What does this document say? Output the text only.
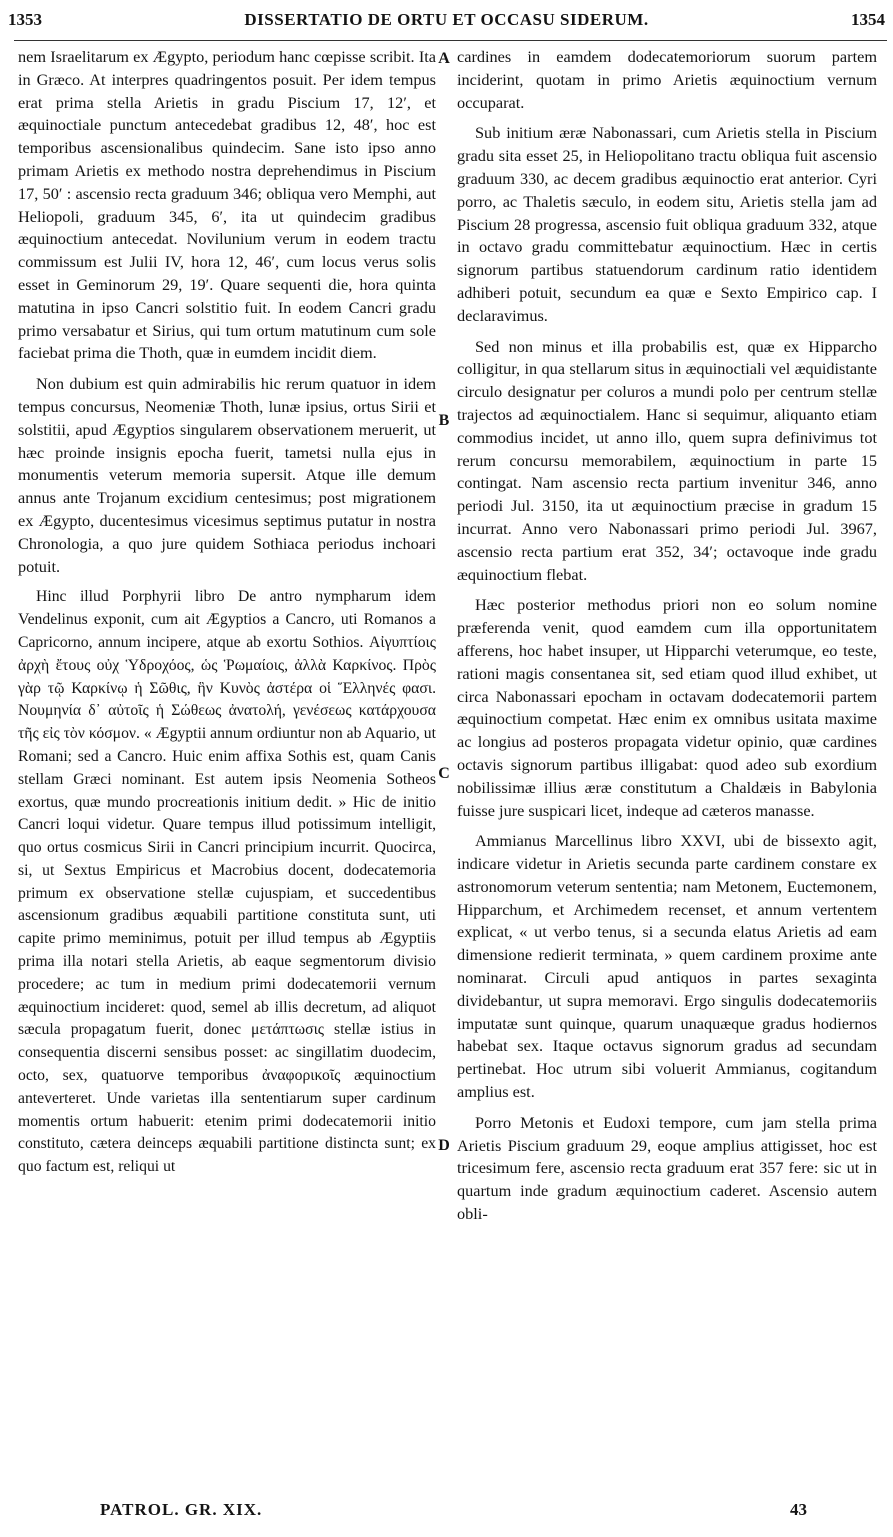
1353	DISSERTATIO DE ORTU ET OCCASU SIDERUM.	1354

nem Israelitarum ex Ægypto, periodum hanc cœpisse scribit. Ita in Græco. At interpres quadringentos posuit. Per idem tempus erat prima stella Arietis in gradu Piscium 17, 12′, et æquinoctiale punctum antecedebat gradibus 12, 48′, hoc est temporibus ascensionalibus quindecim. Sane isto ipso anno primam Arietis ex methodo nostra deprehendimus in Piscium 17, 50′ : ascensio recta graduum 346; obliqua vero Memphi, aut Heliopoli, graduum 345, 6′, ita ut quindecim gradibus æquinoctium antecedat. Novilunium verum in eodem tractu commissum est Julii IV, hora 12, 46′, cum locus verus solis esset in Geminorum 29, 19′. Quare sequenti die, hora quinta matutina in ipso Cancri solstitio fuit. In eodem Cancri gradu primo versabatur et Sirius, qui tum ortum matutinum cum sole faciebat prima die Thoth, quæ in eumdem incidit diem.

Non dubium est quin admirabilis hic rerum quatuor in idem tempus concursus, Neomeniæ Thoth, lunæ ipsius, ortus Sirii et solstitii, apud Ægyptios singularem observationem meruerit, ut hæc proinde insignis epocha fuerit, tametsi nulla ejus in monumentis veterum memoria supersit. Atque ille demum annus ante Trojanum excidium centesimus; post migrationem ex Ægypto, ducentesimus vicesimus septimus putatur in nostra Chronologia, a quo jure quidem Sothiaca periodus inchoari potuit.

Hinc illud Porphyrii libro De antro nympharum idem Vendelinus exponit, cum ait Ægyptios a Cancro, uti Romanos a Capricorno, annum incipere, atque ab exortu Sothios. Αἰγυπτίοις ἀρχὴ ἔτους οὐχ Ὑδροχόος, ὡς Ῥωμαίοις, ἀλλὰ Καρκίνος. Πρὸς γὰρ τῷ Καρκίνῳ ἡ Σῶθις, ἣν Κυνὸς ἀστέρα οἱ Ἕλληνές φασι. Νουμηνία δ᾽ αὐτοῖς ἡ Σώθεως ἀνατολή, γενέσεως κατάρχουσα τῆς εἰς τὸν κόσμον. « Ægyptii annum ordiuntur non ab Aquario, ut Romani; sed a Cancro. Huic enim affixa Sothis est, quam Canis stellam Græci nominant. Est autem ipsis Neomenia Sotheos exortus, quæ mundo procreationis initium dedit. » Hic de initio Cancri loqui videtur. Quare tempus illud potissimum intelligit, quo ortus cosmicus Sirii in Cancri principium incurrit. Quocirca, si, ut Sextus Empiricus et Macrobius docent, dodecatemoria primum ex observatione stellæ cujuspiam, et succedentibus ascensionum gradibus æquabili partitione constituta sunt, uti capite primo meminimus, potuit per illud tempus ab Ægyptiis prima illa notari stella Arietis, ab eaque segmentorum divisio procedere; ac tum in medium primi dodecatemorii vernum æquinoctium incideret: quod, semel ab illis decretum, ad aliquot sæcula propagatum fuerit, donec μετάπτωσις stellæ istius in consequentia discerni sensibus posset: ac singillatim duodecim, octo, sex, quatuorve temporibus ἀναφορικοῖς æquinoctium anteverteret. Unde varietas illa sententiarum super cardinum momentis ortum habuerit: etenim primi dodecatemorii initio constituto, cætera deinceps æquabili partitione distincta sunt; ex quo factum est, reliqui ut

A
B
C
D

cardines in eamdem dodecatemoriorum suorum partem inciderint, quotam in primo Arietis æquinoctium vernum occuparat.

Sub initium æræ Nabonassari, cum Arietis stella in Piscium gradu sita esset 25, in Heliopolitano tractu obliqua fuit ascensio graduum 330, ac decem gradibus æquinoctio erat anterior. Cyri porro, ac Thaletis sæculo, in eodem situ, Arietis stella jam ad Piscium 28 progressa, ascensio fuit obliqua graduum 332, atque in octavo gradu committebatur æquinoctium. Hæc in certis signorum partibus statuendorum cardinum ratio identidem adhiberi potuit, secundum ea quæ e Sexto Empirico cap. I declaravimus.

Sed non minus et illa probabilis est, quæ ex Hipparcho colligitur, in qua stellarum situs in æquinoctiali vel æquidistante circulo designatur per coluros a mundi polo per centrum stellæ trajectos ad æquinoctialem. Hanc si sequimur, aliquanto etiam commodius incidet, ut anno illo, quem supra definivimus tot rerum concursu memorabilem, æquinoctium in parte 15 contingat. Nam ascensio recta partium invenitur 346, anno periodi Jul. 3150, ita ut æquinoctium præcise in gradum 15 incurrat. Anno vero Nabonassari primo periodi Jul. 3967, ascensio recta partium erat 352, 34′; octavoque inde gradu æquinoctium flebat.

Hæc posterior methodus priori non eo solum nomine præferenda venit, quod eamdem cum illa opportunitatem afferens, hoc habet insuper, ut Hipparchi veterumque, eo teste, rationi magis consentanea sit, sed etiam quod illud exhibet, ut circa Nabonassari epocham in octavam dodecatemorii partem æquinoctium competat. Hæc enim ex omnibus usitata maxime ac longius ad posteros propagata videtur opinio, quæ cardines octavis signorum partibus illigabat: quod adeo sub exordium nobilissimæ illius æræ constitutum a Chaldæis in Babylonia fuisse jure suspicari licet, indeque ad cæteros manasse.

Ammianus Marcellinus libro XXVI, ubi de bissexto agit, indicare videtur in Arietis secunda parte cardinem constare ex astronomorum veterum sententia; nam Metonem, Euctemonem, Hipparchum, et Archimedem recenset, et annum vertentem explicat, « ut verbo tenus, si a secunda elatus Arietis ad eam dimensione redierit terminata, » quem cardinem proxime ante nominarat. Circuli apud antiquos in partes sexaginta dividebantur, ut supra memoravi. Ergo singulis dodecatemoriis imputatæ sunt quinque, quarum unaquæque gradus hodiernos habebat sex. Itaque octavus signorum gradus ad secundam pertinebat. Hoc utrum sibi voluerit Ammianus, cogitandum amplius est.

Porro Metonis et Eudoxi tempore, cum jam stella prima Arietis Piscium graduum 29, eoque amplius attigisset, hoc est tricesimum fere, ascensio recta graduum erat 357 fere: sic ut in quartum inde gradum æquinoctium caderet. Ascensio autem obli-

PATROL. GR. XIX.	43
